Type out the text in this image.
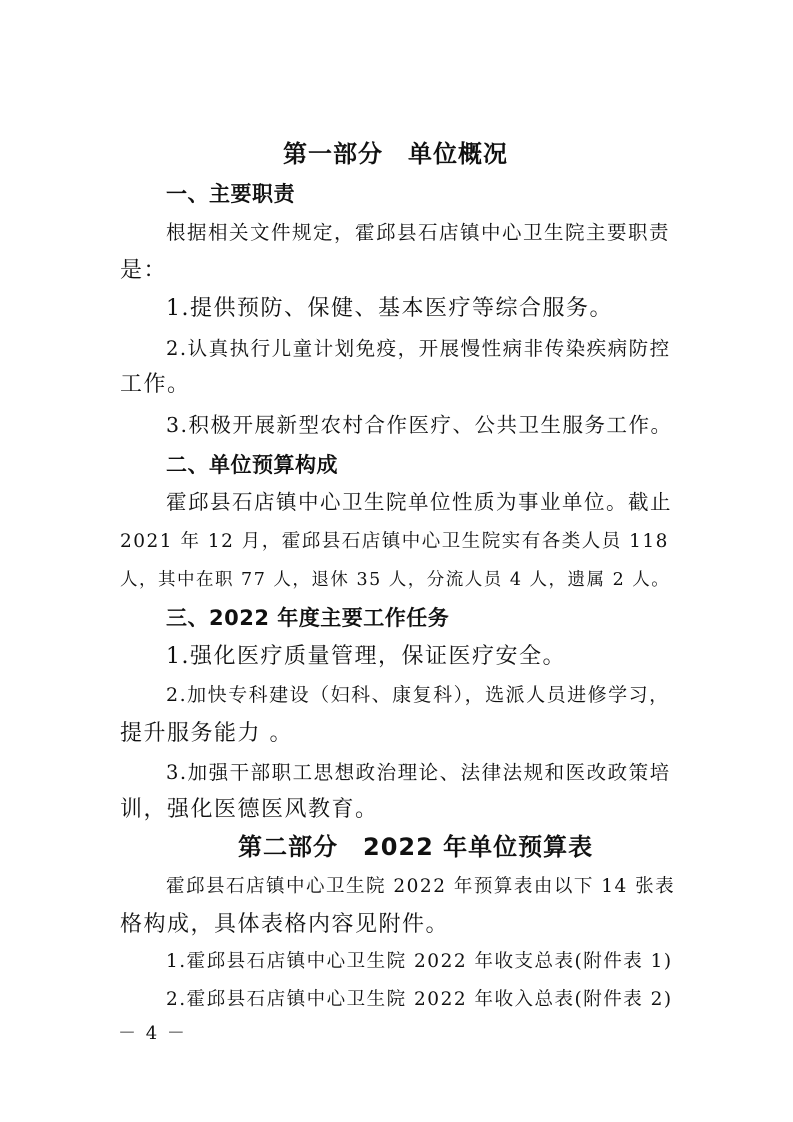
第一部分　单位概况
一、主要职责
根据相关文件规定，霍邱县石店镇中心卫生院主要职责
是：
1.提供预防、保健、基本医疗等综合服务。
2.认真执行儿童计划免疫，开展慢性病非传染疾病防控
工作。
3.积极开展新型农村合作医疗、公共卫生服务工作。
二、单位预算构成
霍邱县石店镇中心卫生院单位性质为事业单位。截止
2021 年 12 月，霍邱县石店镇中心卫生院实有各类人员 118
人，其中在职 77 人，退休 35 人，分流人员 4 人，遗属 2 人。
三、2022 年度主要工作任务
1.强化医疗质量管理，保证医疗安全。
2.加快专科建设（妇科、康复科），选派人员进修学习，
提升服务能力 。
3.加强干部职工思想政治理论、法律法规和医改政策培
训，强化医德医风教育。
第二部分　2022 年单位预算表
霍邱县石店镇中心卫生院 2022 年预算表由以下 14 张表
格构成，具体表格内容见附件。
1.霍邱县石店镇中心卫生院 2022 年收支总表(附件表 1)
2.霍邱县石店镇中心卫生院 2022 年收入总表(附件表 2)
－ 4 －
